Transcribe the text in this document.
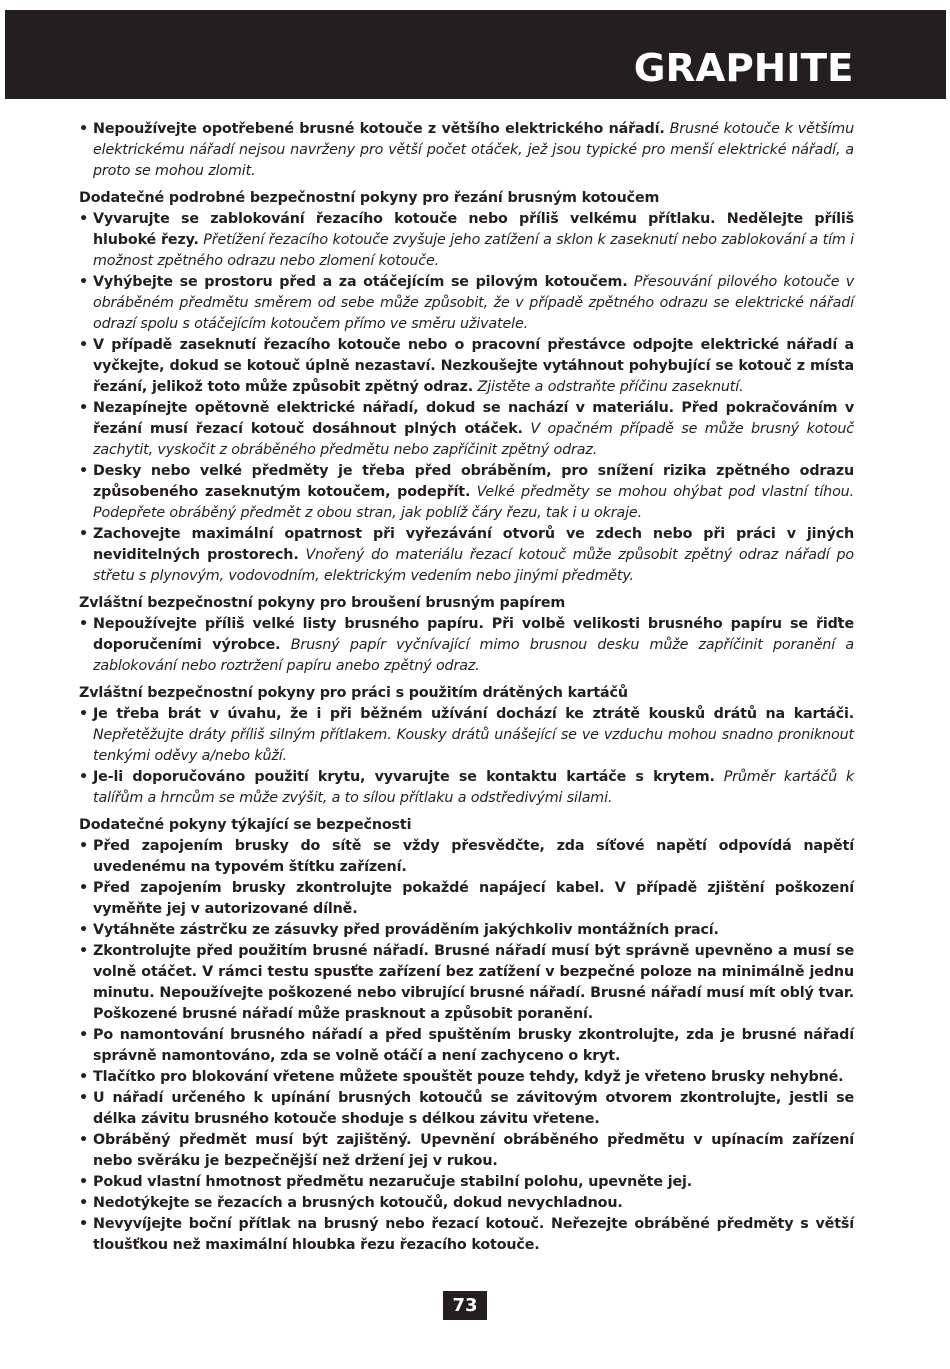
GRAPHITE
• Nepoužívejte opotřebené brusné kotouče z většího elektrického nářadí. Brusné kotouče k většímu elektrickému nářadí nejsou navrženy pro větší počet otáček, jež jsou typické pro menší elektrické nářadí, a proto se mohou zlomit.
Dodatečné podrobné bezpečnostní pokyny pro řezání brusným kotoučem
• Vyvarujte se zablokování řezacího kotouče nebo příliš velkému přítlaku. Nedělejte příliš hluboké řezy. Přetížení řezacího kotouče zvyšuje jeho zatížení a sklon k zaseknutí nebo zablokování a tím i možnost zpětného odrazu nebo zlomení kotouče.
• Vyhýbejte se prostoru před a za otáčejícím se pilovým kotoučem. Přesouvání pilového kotouče v obráběném předmětu směrem od sebe může způsobit, že v případě zpětného odrazu se elektrické nářadí odrazí spolu s otáčejícím kotoučem přímo ve směru uživatele.
• V případě zaseknutí řezacího kotouče nebo o pracovní přestávce odpojte elektrické nářadí a vyčkejte, dokud se kotouč úplně nezastaví. Nezkoušejte vytáhnout pohybující se kotouč z místa řezání, jelikož toto může způsobit zpětný odraz. Zjistěte a odstraňte příčinu zaseknutí.
• Nezapínejte opětovně elektrické nářadí, dokud se nachází v materiálu. Před pokračováním v řezání musí řezací kotouč dosáhnout plných otáček. V opačném případě se může brusný kotouč zachytit, vyskočit z obráběného předmětu nebo zapříčinit zpětný odraz.
• Desky nebo velké předměty je třeba před obráběním, pro snížení rizika zpětného odrazu způsobeného zaseknutým kotoučem, podepřít. Velké předměty se mohou ohýbat pod vlastní tíhou. Podepřete obráběný předmět z obou stran, jak poblíž čáry řezu, tak i u okraje.
• Zachovejte maximální opatrnost při vyřezávání otvorů ve zdech nebo při práci v jiných neviditelných prostorech. Vnořený do materiálu řezací kotouč může způsobit zpětný odraz nářadí po střetu s plynovým, vodovodním, elektrickým vedením nebo jinými předměty.
Zvláštní bezpečnostní pokyny pro broušení brusným papírem
• Nepoužívejte příliš velké listy brusného papíru. Při volbě velikosti brusného papíru se řiďte doporučeními výrobce. Brusný papír vyčnívající mimo brusnou desku může zapříčinit poranění a zablokování nebo roztržení papíru anebo zpětný odraz.
Zvláštní bezpečnostní pokyny pro práci s použitím drátěných kartáčů
• Je třeba brát v úvahu, že i při běžném užívání dochází ke ztrátě kousků drátů na kartáči. Nepřetěžujte dráty příliš silným přítlakem. Kousky drátů unášející se ve vzduchu mohou snadno proniknout tenkými oděvy a/nebo kůží.
• Je-li doporučováno použití krytu, vyvarujte se kontaktu kartáče s krytem. Průměr kartáčů k talířům a hrncům se může zvýšit, a to sílou přítlaku a odstředivými silami.
Dodatečné pokyny týkající se bezpečnosti
• Před zapojením brusky do sítě se vždy přesvědčte, zda síťové napětí odpovídá napětí uvedenému na typovém štítku zařízení.
• Před zapojením brusky zkontrolujte pokaždé napájecí kabel. V případě zjištění poškození vyměňte jej v autorizované dílně.
• Vytáhněte zástrčku ze zásuvky před prováděním jakýchkoliv montážních prací.
• Zkontrolujte před použitím brusné nářadí. Brusné nářadí musí být správně upevněno a musí se volně otáčet. V rámci testu spusťte zařízení bez zatížení v bezpečné poloze na minimálně jednu minutu. Nepoužívejte poškozené nebo vibrující brusné nářadí. Brusné nářadí musí mít oblý tvar. Poškozené brusné nářadí může prasknout a způsobit poranění.
• Po namontování brusného nářadí a před spuštěním brusky zkontrolujte, zda je brusné nářadí správně namontováno, zda se volně otáčí a není zachyceno o kryt.
• Tlačítko pro blokování vřetene můžete spouštět pouze tehdy, když je vřeteno brusky nehybné.
• U nářadí určeného k upínání brusných kotoučů se závitovým otvorem zkontrolujte, jestli se délka závitu brusného kotouče shoduje s délkou závitu vřetene.
• Obráběný předmět musí být zajištěný. Upevnění obráběného předmětu v upínacím zařízení nebo svěráku je bezpečnější než držení jej v rukou.
• Pokud vlastní hmotnost předmětu nezaručuje stabilní polohu, upevněte jej.
• Nedotýkejte se řezacích a brusných kotoučů, dokud nevychladnou.
• Nevyvíjejte boční přítlak na brusný nebo řezací kotouč. Neřezejte obráběné předměty s větší tloušťkou než maximální hloubka řezu řezacího kotouče.
73
